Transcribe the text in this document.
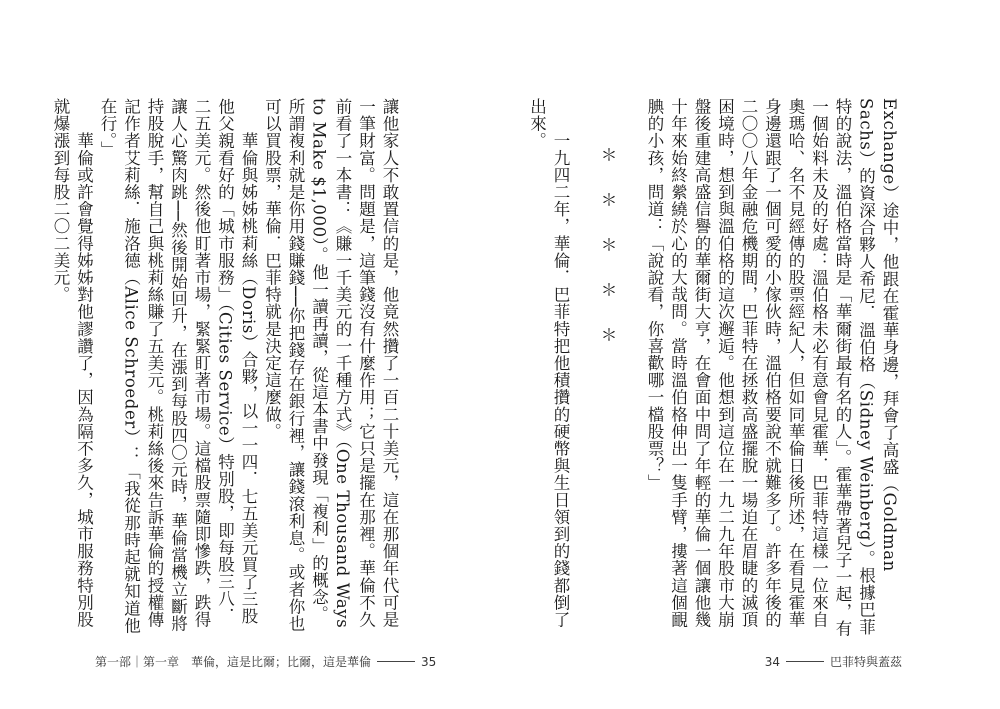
讓他家人不敢置信的是，他竟然攢了一百二十美元，這在那個年代可是一筆財富。問題是，這筆錢沒有什麼作用；它只是擺在那裡。華倫不久前看了一本書：《賺一千美元的一千種方式》（One Thousand Ways to Make $1,000）。他一讀再讀，從這本書中發現「複利」的概念。所謂複利就是你用錢賺錢──你把錢存在銀行裡，讓錢滾利息。或者你也可以買股票，華倫．巴菲特就是決定這麼做。

　　華倫與姊姊桃莉絲（Doris）合夥，以一一四．七五美元買了三股他父親看好的「城市服務」（Cities Service）特別股，即每股三八．二五美元。然後他盯著市場，緊緊盯著市場。這檔股票隨即慘跌，跌得讓人心驚肉跳──然後開始回升，在漲到每股四〇元時，華倫當機立斷將持股脫手，幫自己與桃莉絲賺了五美元。桃莉絲後來告訴華倫的授權傳記作者艾莉絲．施洛德（Alice Schroeder）：「我從那時起就知道他在行。」

　　華倫或許會覺得姊姊對他謬讚了，因為隔不多久，城市服務特別股就爆漲到每股二〇二美元。

第一部｜第一章　華倫，這是比爾；比爾，這是華倫	35

Exchange）途中，他跟在霍華身邊，拜會了高盛（Goldman Sachs）的資深合夥人希尼．溫伯格（Sidney Weinberg）。根據巴菲特的說法，溫伯格當時是「華爾街最有名的人」。霍華帶著兒子一起，有一個始料未及的好處：溫伯格未必有意會見霍華．巴菲特這樣一位來自奧瑪哈、名不見經傳的股票經紀人，但如同華倫日後所述，在看見霍華身邊還跟了一個可愛的小傢伙時，溫伯格要說不就難多了。許多年後的二〇〇八年金融危機期間，巴菲特在拯救高盛擺脫一場迫在眉睫的滅頂困境時，想到與溫伯格的這次邂逅。他想到這位在一九二九年股市大崩盤後重建高盛信譽的華爾街大亨，在會面中問了年輕的華倫一個讓他幾十年來始終縈繞於心的大哉問。當時溫伯格伸出一隻手臂，摟著這個靦腆的小孩，問道：「說說看，你喜歡哪一檔股票？」

＊　＊　＊　＊　＊

　　一九四二年，華倫．巴菲特把他積攢的硬幣與生日領到的錢都倒了出來。

34	巴菲特與蓋茲
